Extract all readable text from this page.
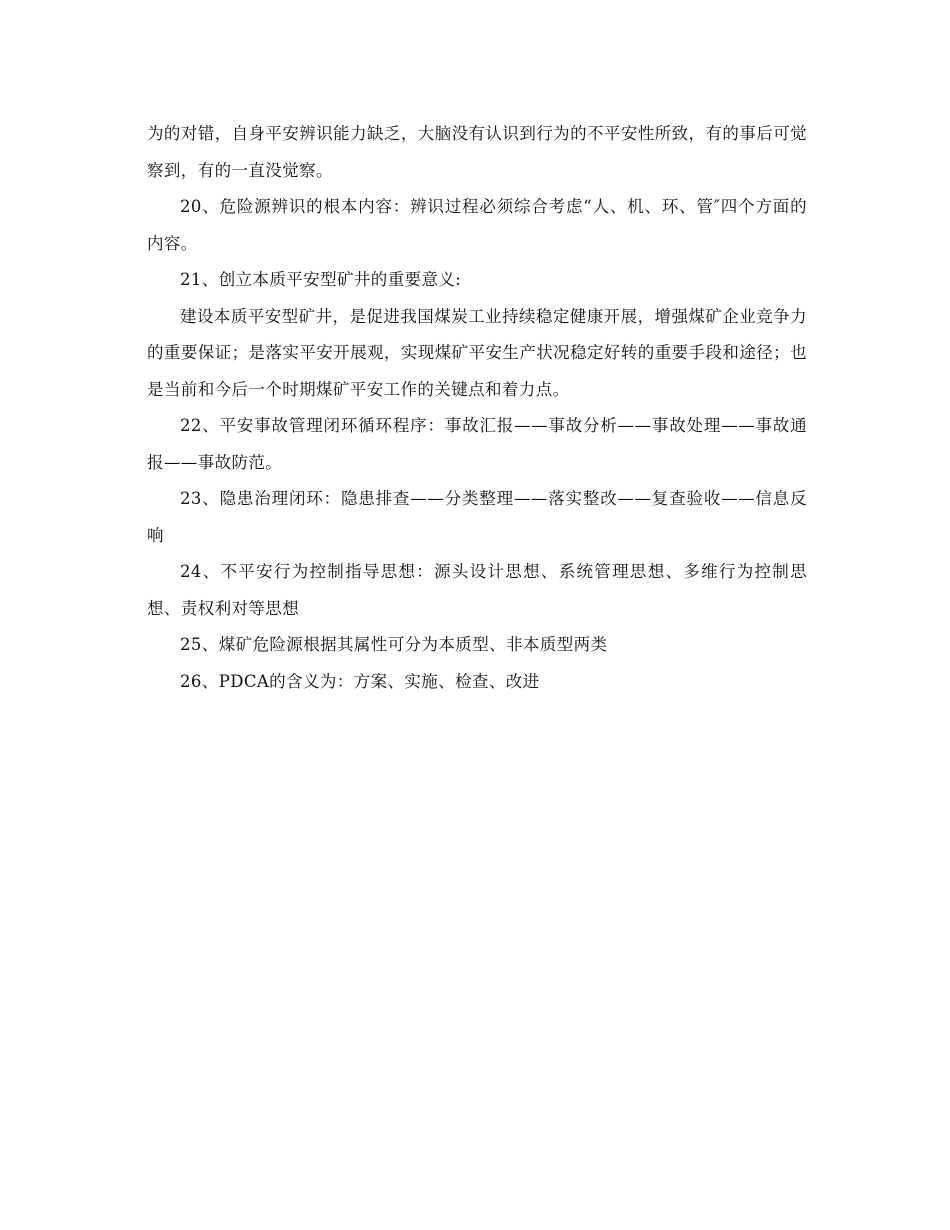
为的对错，自身平安辨识能力缺乏，大脑没有认识到行为的不平安性所致，有的事后可觉察到，有的一直没觉察。

20、危险源辨识的根本内容：辨识过程必须综合考虑“人、机、环、管″四个方面的内容。

21、创立本质平安型矿井的重要意义:

建设本质平安型矿井，是促进我国煤炭工业持续稳定健康开展，增强煤矿企业竞争力的重要保证；是落实平安开展观，实现煤矿平安生产状况稳定好转的重要手段和途径；也是当前和今后一个时期煤矿平安工作的关键点和着力点。

22、平安事故管理闭环循环程序：事故汇报——事故分析——事故处理——事故通报——事故防范。

23、隐患治理闭环：隐患排查——分类整理——落实整改——复查验收——信息反响

24、不平安行为控制指导思想：源头设计思想、系统管理思想、多维行为控制思想、责权利对等思想

25、煤矿危险源根据其属性可分为本质型、非本质型两类

26、PDCA的含义为：方案、实施、检查、改进
